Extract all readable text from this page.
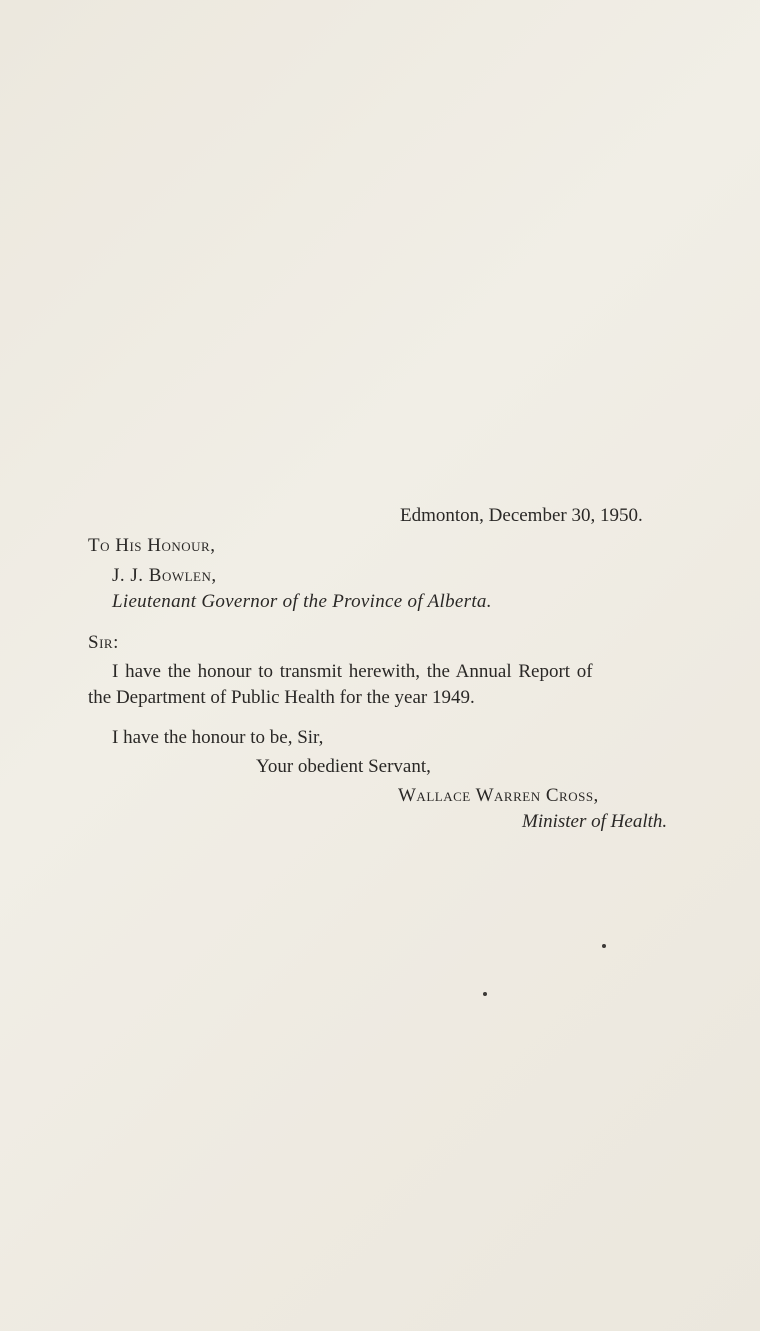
Edmonton, December 30, 1950.
To His Honour,
J. J. Bowlen,
Lieutenant Governor of the Province of Alberta.
Sir:
I have the honour to transmit herewith, the Annual Report of
the Department of Public Health for the year 1949.
I have the honour to be, Sir,
Your obedient Servant,
Wallace Warren Cross,
Minister of Health.
